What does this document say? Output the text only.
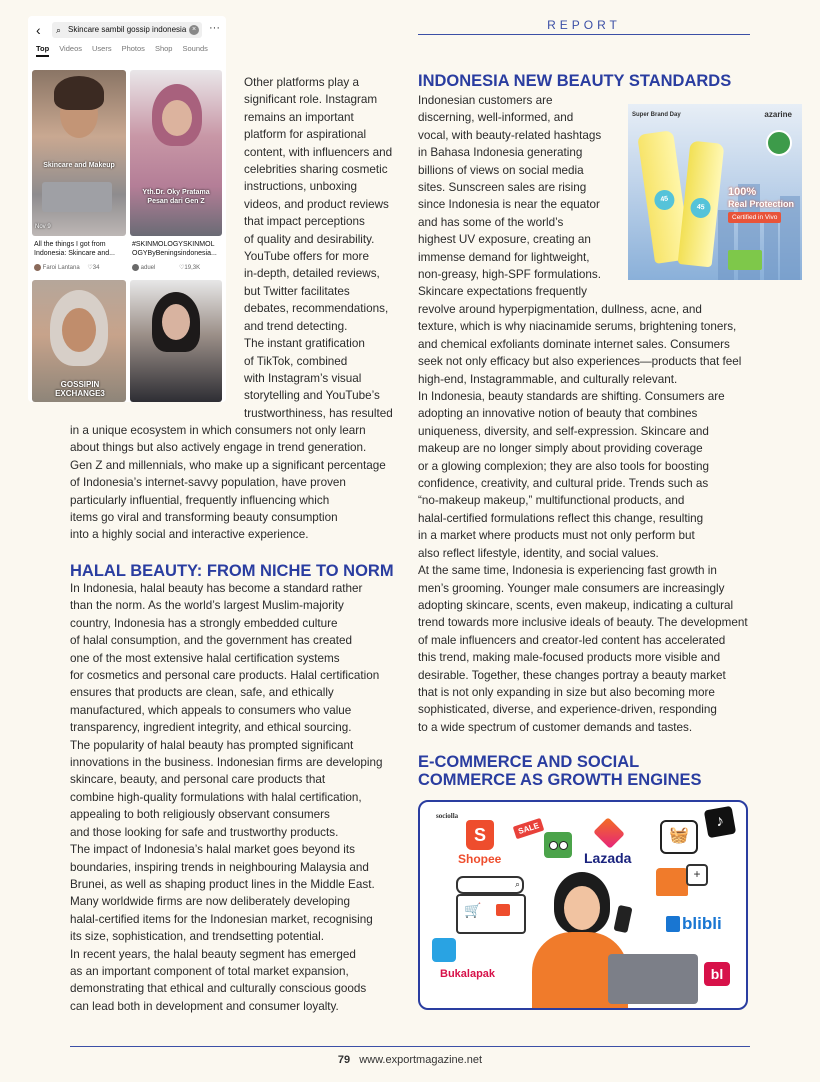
REPORT
‹ ⌕ Skincare sambil gossip indonesia × ···
Top Videos Users Photos Shop Sounds
Skincare and Makeup
Nov 9
Yth.Dr. Oky Pratama
Pesan dari Gen Z
All the things I got from
Indonesia: Skincare and...
Faroi Lantana ♡34
#SKINMOLOGYSKINMOL
OGYByBeningsindonesia...
aduel	♡19,3K
GOSSIPIN
EXCHANGE3
Other platforms play a
significant role. Instagram
remains an important
platform for aspirational
content, with influencers and
celebrities sharing cosmetic
instructions, unboxing
videos, and product reviews
that impact perceptions
of quality and desirability.
YouTube offers for more
in-depth, detailed reviews,
but Twitter facilitates
debates, recommendations,
and trend detecting.
The instant gratification
of TikTok, combined
with Instagram’s visual
storytelling and YouTube’s
trustworthiness, has resulted
in a unique ecosystem in which consumers not only learn
about things but also actively engage in trend generation.
Gen Z and millennials, who make up a significant percentage
of Indonesia’s internet-savvy population, have proven
particularly influential, frequently influencing which
items go viral and transforming beauty consumption
into a highly social and interactive experience.
HALAL BEAUTY: FROM NICHE TO NORM
In Indonesia, halal beauty has become a standard rather
than the norm. As the world’s largest Muslim-majority
country, Indonesia has a strongly embedded culture
of halal consumption, and the government has created
one of the most extensive halal certification systems
for cosmetics and personal care products. Halal certification
ensures that products are clean, safe, and ethically
manufactured, which appeals to consumers who value
transparency, ingredient integrity, and ethical sourcing.
The popularity of halal beauty has prompted significant
innovations in the business. Indonesian firms are developing
skincare, beauty, and personal care products that
combine high-quality formulations with halal certification,
appealing to both religiously observant consumers
and those looking for safe and trustworthy products.
The impact of Indonesia’s halal market goes beyond its
boundaries, inspiring trends in neighbouring Malaysia and
Brunei, as well as shaping product lines in the Middle East.
Many worldwide firms are now deliberately developing
halal-certified items for the Indonesian market, recognising
its size, sophistication, and trendsetting potential.
In recent years, the halal beauty segment has emerged
as an important component of total market expansion,
demonstrating that ethical and culturally conscious goods
can lead both in development and consumer loyalty.
INDONESIA NEW BEAUTY STANDARDS
Indonesian customers are
discerning, well-informed, and
vocal, with beauty-related hashtags
in Bahasa Indonesia generating
billions of views on social media
sites. Sunscreen sales are rising
since Indonesia is near the equator
and has some of the world’s
highest UV exposure, creating an
immense demand for lightweight,
non-greasy, high-SPF formulations.
Skincare expectations frequently
Super Brand Day	azarine
45
45
100%
Real Protection
Certified in Vivo
revolve around hyperpigmentation, dullness, acne, and
texture, which is why niacinamide serums, brightening toners,
and chemical exfoliants dominate internet sales. Consumers
seek not only efficacy but also experiences—products that feel
high-end, Instagrammable, and culturally relevant.
In Indonesia, beauty standards are shifting. Consumers are
adopting an innovative notion of beauty that combines
uniqueness, diversity, and self-expression. Skincare and
makeup are no longer simply about providing coverage
or a glowing complexion; they are also tools for boosting
confidence, creativity, and cultural pride. Trends such as
“no-makeup makeup,” multifunctional products, and
halal-certified formulations reflect this change, resulting
in a market where products must not only perform but
also reflect lifestyle, identity, and social values.
At the same time, Indonesia is experiencing fast growth in
men’s grooming. Younger male consumers are increasingly
adopting skincare, scents, even makeup, indicating a cultural
trend towards more inclusive ideals of beauty. The development
of male influencers and creator-led content has accelerated
this trend, making male-focused products more visible and
desirable. Together, these changes portray a beauty market
that is not only expanding in size but also becoming more
sophisticated, diverse, and experience-driven, responding
to a wide spectrum of customer demands and tastes.
E-COMMERCE AND SOCIAL
COMMERCE AS GROWTH ENGINES
sociolla
S
Shopee
SALE
Lazada
🧺
♪
⌕
🛒
Bukalapak
+
blibli
bl
79 www.exportmagazine.net
